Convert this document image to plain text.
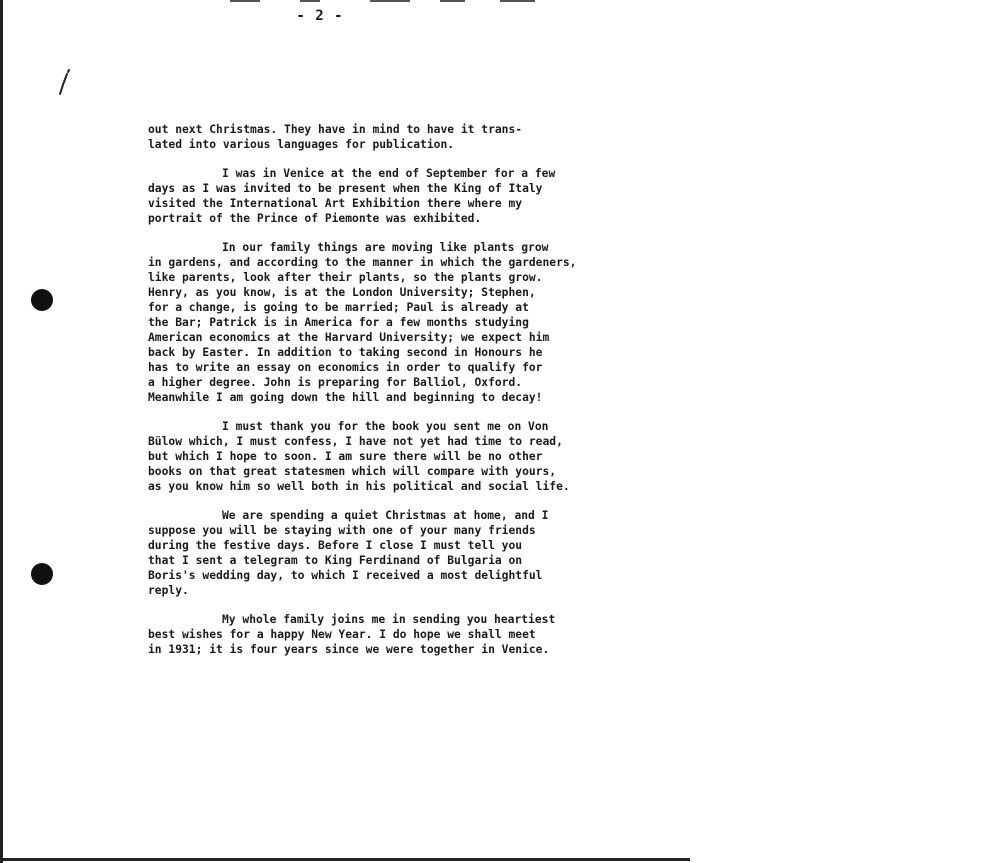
- 2 -

out next Christmas. They have in mind to have it trans-
lated into various languages for publication.

I was in Venice at the end of September for a few
days as I was invited to be present when the King of Italy
visited the International Art Exhibition there where my
portrait of the Prince of Piemonte was exhibited.

In our family things are moving like plants grow
in gardens, and according to the manner in which the gardeners,
like parents, look after their plants, so the plants grow.
Henry, as you know, is at the London University; Stephen,
for a change, is going to be married; Paul is already at
the Bar; Patrick is in America for a few months studying
American economics at the Harvard University; we expect him
back by Easter. In addition to taking second in Honours he
has to write an essay on economics in order to qualify for
a higher degree. John is preparing for Balliol, Oxford.
Meanwhile I am going down the hill and beginning to decay!

I must thank you for the book you sent me on Von
Bülow which, I must confess, I have not yet had time to read,
but which I hope to soon. I am sure there will be no other
books on that great statesmen which will compare with yours,
as you know him so well both in his political and social life.

We are spending a quiet Christmas at home, and I
suppose you will be staying with one of your many friends
during the festive days. Before I close I must tell you
that I sent a telegram to King Ferdinand of Bulgaria on
Boris's wedding day, to which I received a most delightful
reply.

My whole family joins me in sending you heartiest
best wishes for a happy New Year. I do hope we shall meet
in 1931; it is four years since we were together in Venice.
